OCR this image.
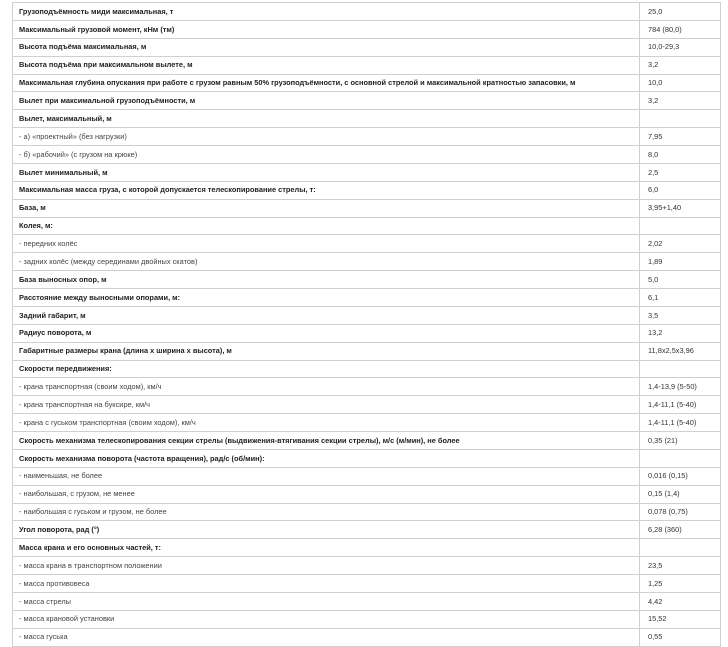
Грузоподъёмность миди максимальная, т	25,0
Максимальный грузовой момент, кНм (тм)	784 (80,0)
Высота подъёма максимальная, м	10,0-29,3
Высота подъёма при максимальном вылете, м	3,2
Максимальная глубина опускания при работе с грузом равным 50% грузоподъёмности, с основной стрелой и максимальной кратностью запасовки, м	10,0
Вылет при максимальной грузоподъёмности, м	3,2
Вылет, максимальный, м	
- а) «проектный» (без нагрузки)	7,95
- б) «рабочий» (с грузом на крюке)	8,0
Вылет минимальный, м	2,5
Максимальная масса груза, с которой допускается телескопирование стрелы, т:	6,0
База, м	3,95+1,40
Колея, м:	
- передних колёс	2,02
- задних колёс (между серединами двойных скатов)	1,89
База выносных опор, м	5,0
Расстояние между выносными опорами, м:	6,1
Задний габарит, м	3,5
Радиус поворота, м	13,2
Габаритные размеры крана (длина х ширина х высота), м	11,8х2,5х3,96
Скорости передвижения:	
- крана транспортная (своим ходом), км/ч	1,4-13,9 (5-50)
- крана транспортная на буксире, км/ч	1,4-11,1 (5-40)
- крана с гуськом транспортная (своим ходом), км/ч	1,4-11,1 (5-40)
Скорость механизма телескопирования секции стрелы (выдвижения-втягивания секции стрелы), м/с (м/мин), не более	0,35 (21)
Скорость механизма поворота (частота вращения), рад/с (об/мин):	
- наименьшая, не более	0,016 (0,15)
- наибольшая, с грузом, не менее	0,15 (1,4)
- наибольшая с гуськом и грузом, не более	0,078 (0,75)
Угол поворота, рад (°)	6,28 (360)
Масса крана и его основных частей, т:	
- масса крана в транспортном положении	23,5
- масса противовеса	1,25
- масса стрелы	4,42
- масса крановой установки	15,52
- масса гуська	0,55
